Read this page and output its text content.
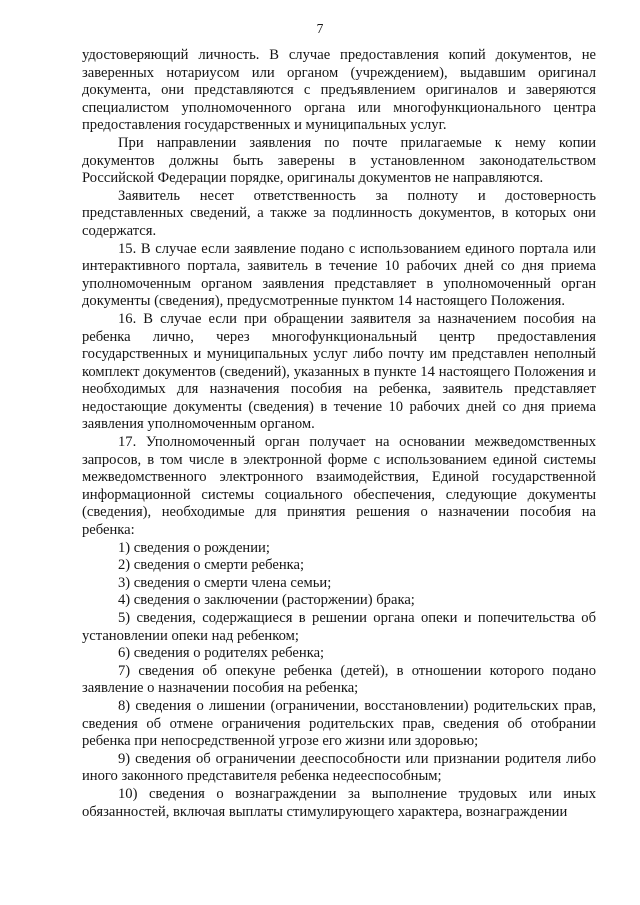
7

удостоверяющий личность. В случае предоставления копий документов, не заверенных нотариусом или органом (учреждением), выдавшим оригинал документа, они представляются с предъявлением оригиналов и заверяются специалистом уполномоченного органа или многофункционального центра предоставления государственных и муниципальных услуг.

При направлении заявления по почте прилагаемые к нему копии документов должны быть заверены в установленном законодательством Российской Федерации порядке, оригиналы документов не направляются.

Заявитель несет ответственность за полноту и достоверность представленных сведений, а также за подлинность документов, в которых они содержатся.

15. В случае если заявление подано с использованием единого портала или интерактивного портала, заявитель в течение 10 рабочих дней со дня приема уполномоченным органом заявления представляет в уполномоченный орган документы (сведения), предусмотренные пунктом 14 настоящего Положения.

16. В случае если при обращении заявителя за назначением пособия на ребенка лично, через многофункциональный центр предоставления государственных и муниципальных услуг либо почту им представлен неполный комплект документов (сведений), указанных в пункте 14 настоящего Положения и необходимых для назначения пособия на ребенка, заявитель представляет недостающие документы (сведения) в течение 10 рабочих дней со дня приема заявления уполномоченным органом.

17. Уполномоченный орган получает на основании межведомственных запросов, в том числе в электронной форме с использованием единой системы межведомственного электронного взаимодействия, Единой государственной информационной системы социального обеспечения, следующие документы (сведения), необходимые для принятия решения о назначении пособия на ребенка:

1) сведения о рождении;

2) сведения о смерти ребенка;

3) сведения о смерти члена семьи;

4) сведения о заключении (расторжении) брака;

5) сведения, содержащиеся в решении органа опеки и попечительства об установлении опеки над ребенком;

6) сведения о родителях ребенка;

7) сведения об опекуне ребенка (детей), в отношении которого подано заявление о назначении пособия на ребенка;

8) сведения о лишении (ограничении, восстановлении) родительских прав, сведения об отмене ограничения родительских прав, сведения об отобрании ребенка при непосредственной угрозе его жизни или здоровью;

9) сведения об ограничении дееспособности или признании родителя либо иного законного представителя ребенка недееспособным;

10) сведения о вознаграждении за выполнение трудовых или иных обязанностей, включая выплаты стимулирующего характера, вознаграждении
